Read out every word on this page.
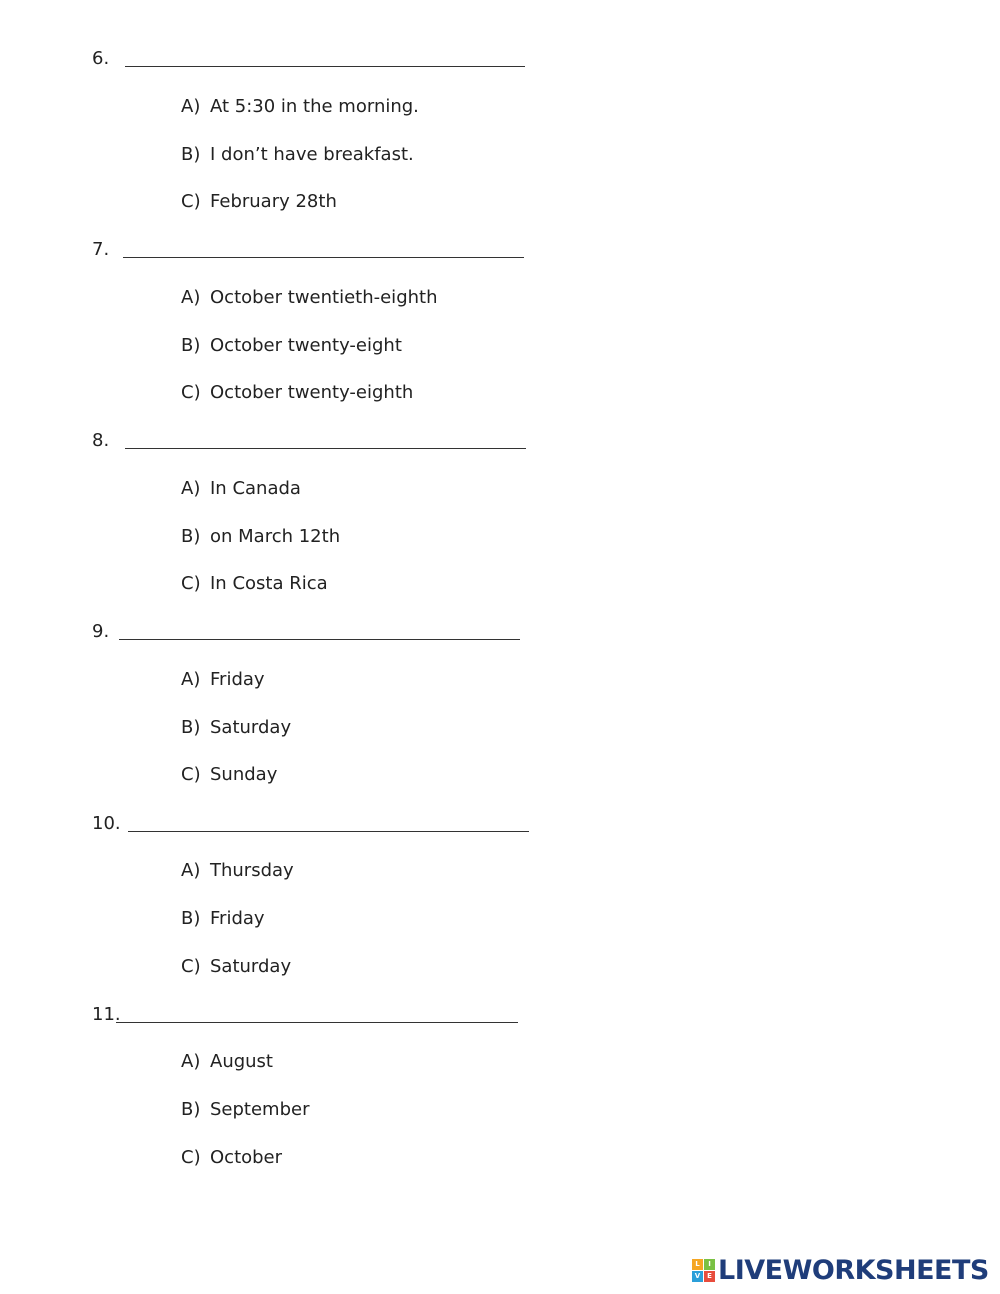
6.
A) At 5:30 in the morning.
B) I don’t have breakfast.
C) February 28th
7.
A) October twentieth-eighth
B) October twenty-eight
C) October twenty-eighth
8.
A) In Canada
B) on March 12th
C) In Costa Rica
9.
A) Friday
B) Saturday
C) Sunday
10.
A) Thursday
B) Friday
C) Saturday
11.
A) August
B) September
C) October
L	I
V E LIVEWORKSHEETS
